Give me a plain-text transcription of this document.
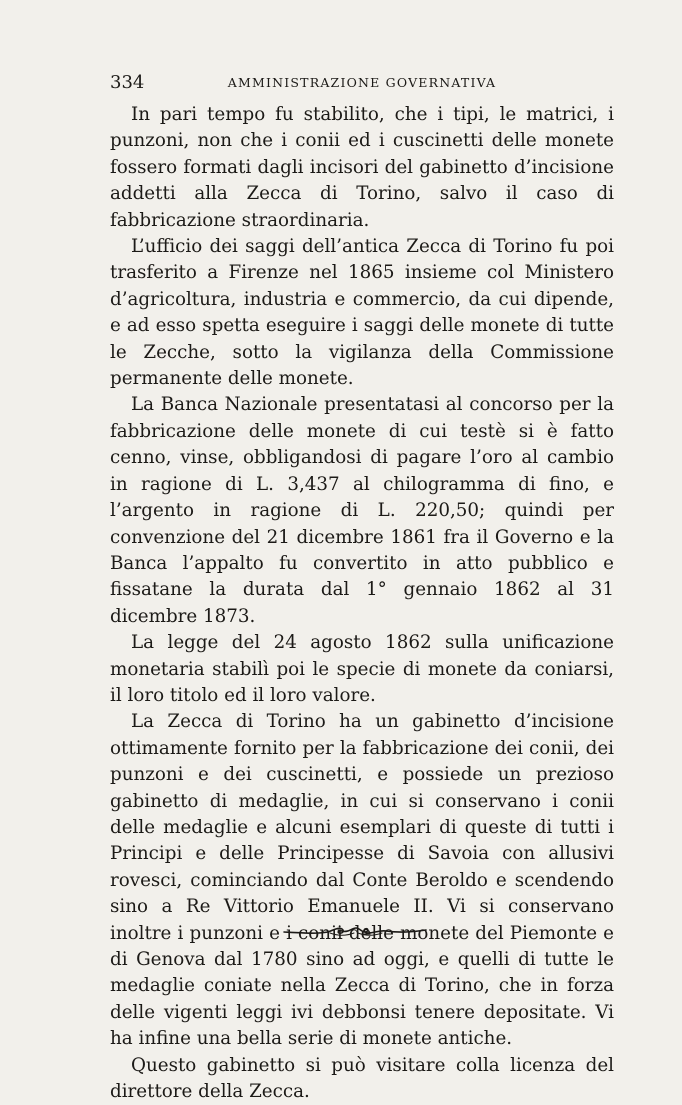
334	AMMINISTRAZIONE GOVERNATIVA

In pari tempo fu stabilito, che i tipi, le matrici, i punzoni, non che i conii ed i cuscinetti delle monete fossero formati dagli incisori del gabinetto d’incisione addetti alla Zecca di Torino, salvo il caso di fabbricazione straordinaria.

L’ufficio dei saggi dell’antica Zecca di Torino fu poi trasferito a Firenze nel 1865 insieme col Ministero d’agricoltura, industria e commercio, da cui dipende, e ad esso spetta eseguire i saggi delle monete di tutte le Zecche, sotto la vigilanza della Commissione permanente delle monete.

La Banca Nazionale presentatasi al concorso per la fabbricazione delle monete di cui testè si è fatto cenno, vinse, obbligandosi di pagare l’oro al cambio in ragione di L. 3,437 al chilogramma di fino, e l’argento in ragione di L. 220,50; quindi per convenzione del 21 dicembre 1861 fra il Governo e la Banca l’appalto fu convertito in atto pubblico e fissatane la durata dal 1° gennaio 1862 al 31 dicembre 1873.

La legge del 24 agosto 1862 sulla unificazione monetaria stabilì poi le specie di monete da coniarsi, il loro titolo ed il loro valore.

La Zecca di Torino ha un gabinetto d’incisione ottimamente fornito per la fabbricazione dei conii, dei punzoni e dei cuscinetti, e possiede un prezioso gabinetto di medaglie, in cui si conservano i conii delle medaglie e alcuni esemplari di queste di tutti i Principi e delle Principesse di Savoia con allusivi rovesci, cominciando dal Conte Beroldo e scendendo sino a Re Vittorio Emanuele II. Vi si conservano inoltre i punzoni e i conii delle monete del Piemonte e di Genova dal 1780 sino ad oggi, e quelli di tutte le medaglie coniate nella Zecca di Torino, che in forza delle vigenti leggi ivi debbonsi tenere depositate. Vi ha infine una bella serie di monete antiche.

Questo gabinetto si può visitare colla licenza del direttore della Zecca.
